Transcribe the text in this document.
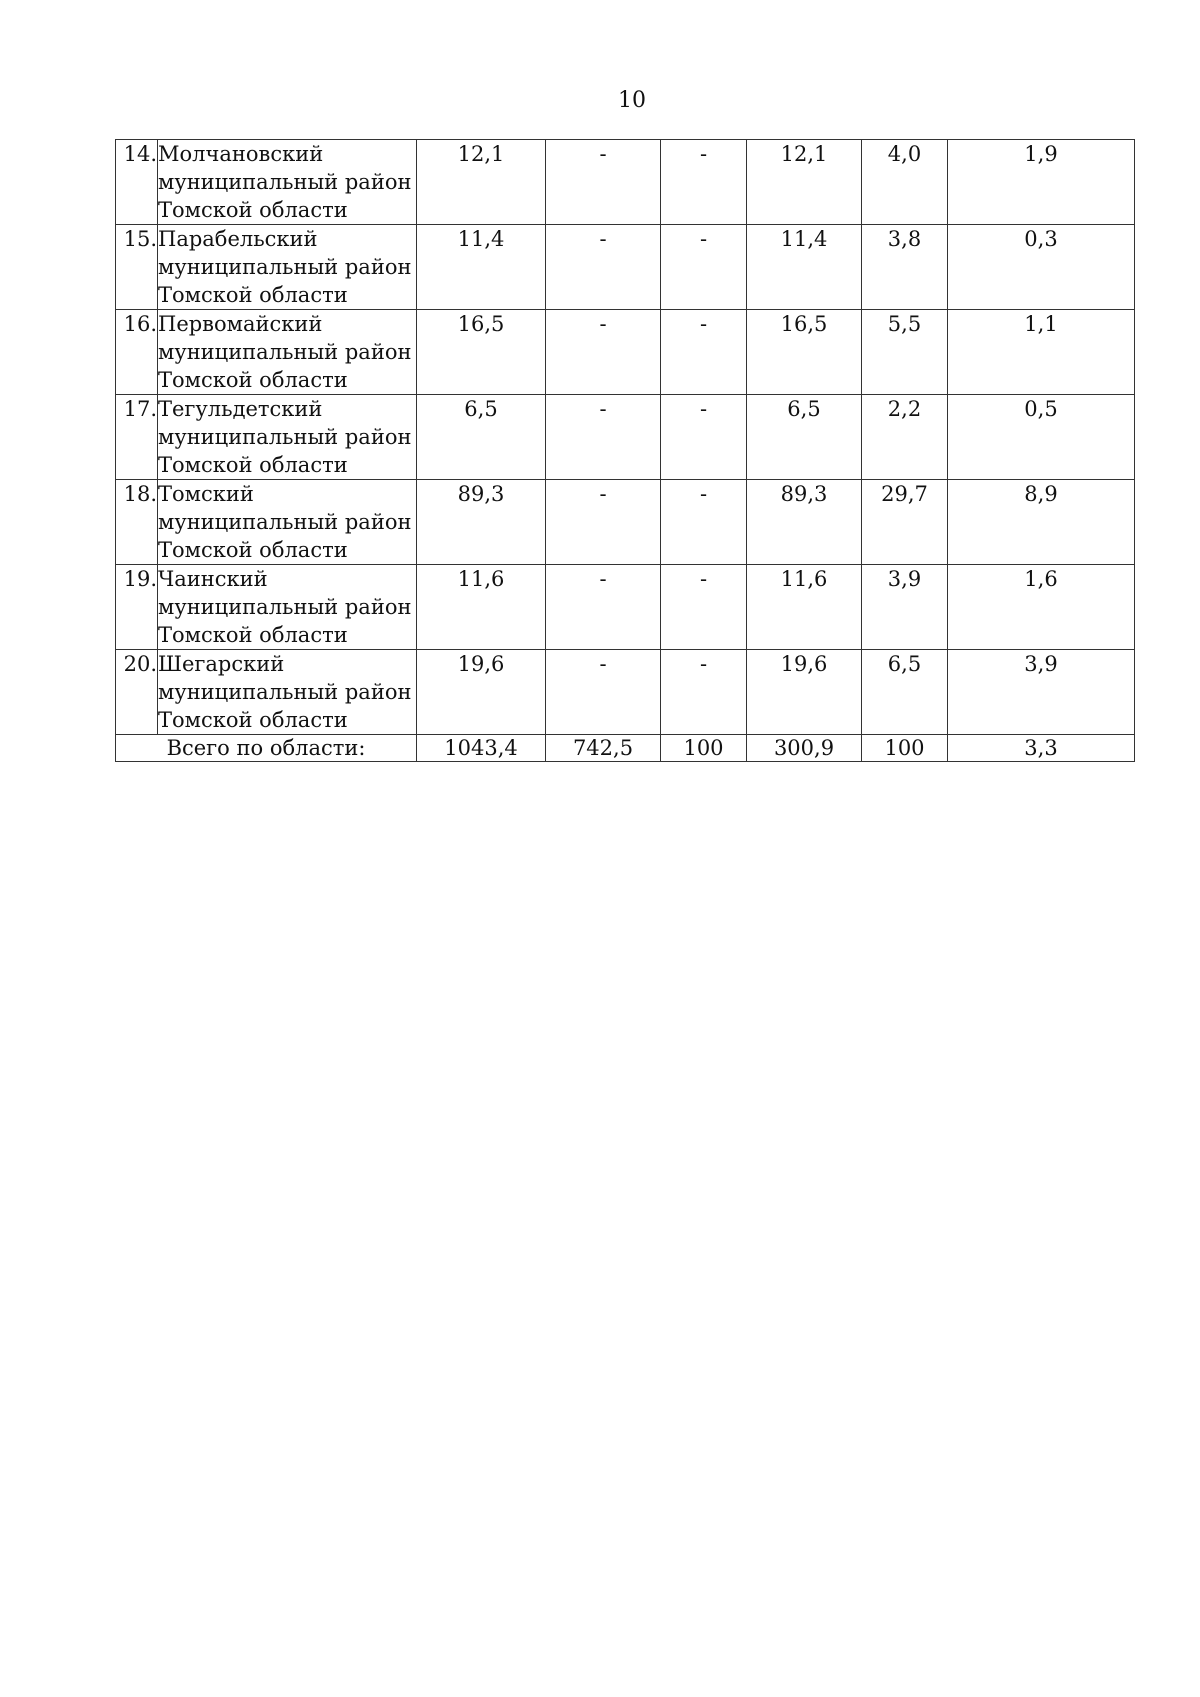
10
14.	Молчановский муниципальный район Томской области	12,1	-	-	12,1	4,0	1,9
15.	Парабельский муниципальный район Томской области	11,4	-	-	11,4	3,8	0,3
16.	Первомайский муниципальный район Томской области	16,5	-	-	16,5	5,5	1,1
17.	Тегульдетский муниципальный район Томской области	6,5	-	-	6,5	2,2	0,5
18.	Томский муниципальный район Томской области	89,3	-	-	89,3	29,7	8,9
19.	Чаинский муниципальный район Томской области	11,6	-	-	11,6	3,9	1,6
20.	Шегарский муниципальный район Томской области	19,6	-	-	19,6	6,5	3,9
Всего по области:		1043,4	742,5	100	300,9	100	3,3
